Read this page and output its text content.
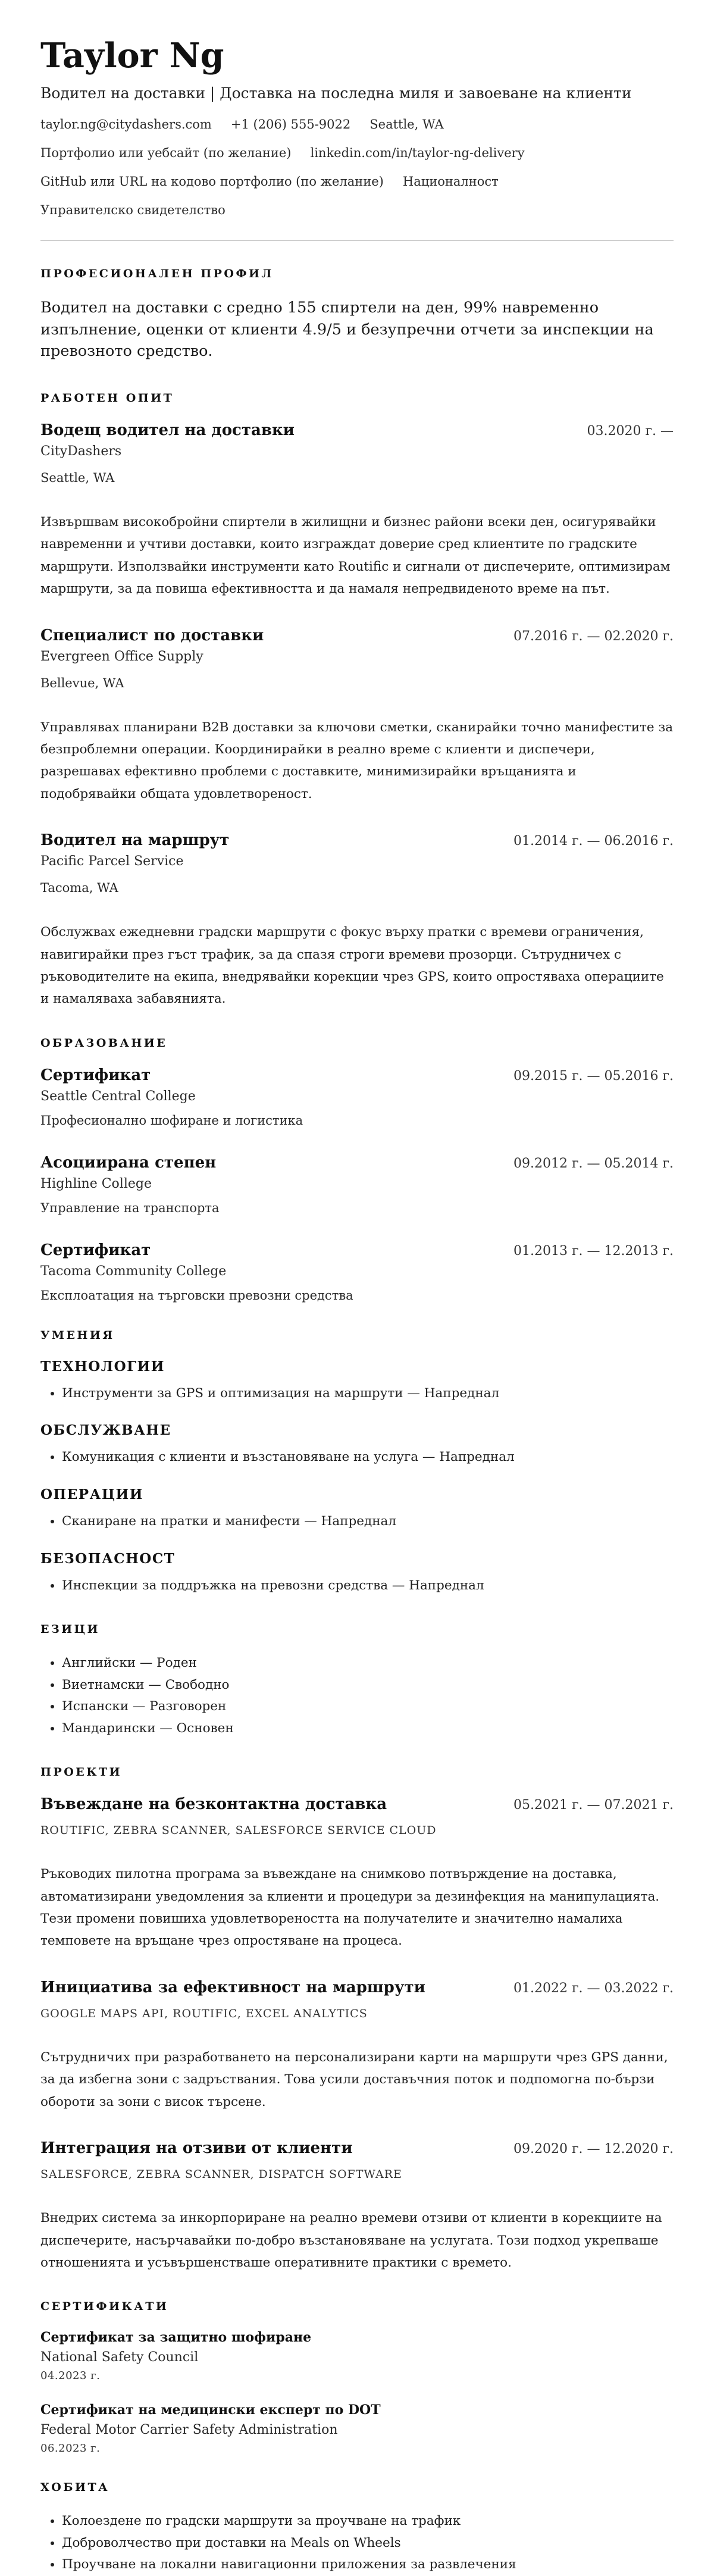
Taylor Ng
Водител на доставки | Доставка на последна миля и завоеване на клиенти
taylor.ng@citydashers.com +1 (206) 555-9022 Seattle, WA
Портфолио или уебсайт (по желание) linkedin.com/in/taylor-ng-delivery
GitHub или URL на кодово портфолио (по желание) Националност
Управителско свидетелство
ПРОФЕСИОНАЛЕН ПРОФИЛ
Водител на доставки с средно 155 спиртели на ден, 99% навременно изпълнение, оценки от клиенти 4.9/5 и безупречни отчети за инспекции на превозното средство.
РАБОТЕН ОПИТ
Водещ водител на доставки	03.2020 г. —
CityDashers
Seattle, WA
Извършвам високобройни спиртели в жилищни и бизнес райони всеки ден, осигурявайки навременни и учтиви доставки, които изграждат доверие сред клиентите по градските маршрути. Използвайки инструменти като Routific и сигнали от диспечерите, оптимизирам маршрути, за да повиша ефективността и да намаля непредвиденото време на път.
Специалист по доставки	07.2016 г. — 02.2020 г.
Evergreen Office Supply
Bellevue, WA
Управлявах планирани B2B доставки за ключови сметки, сканирайки точно манифестите за безпроблемни операции. Координирайки в реално време с клиенти и диспечери, разрешавах ефективно проблеми с доставките, минимизирайки връщанията и подобрявайки общата удовлетвореност.
Водител на маршрут	01.2014 г. — 06.2016 г.
Pacific Parcel Service
Tacoma, WA
Обслужвах ежедневни градски маршрути с фокус върху пратки с времеви ограничения, навигирайки през гъст трафик, за да спазя строги времеви прозорци. Сътрудничех с ръководителите на екипа, внедрявайки корекции чрез GPS, които опростяваха операциите и намаляваха забавянията.
ОБРАЗОВАНИЕ
Сертификат	09.2015 г. — 05.2016 г.
Seattle Central College
Професионално шофиране и логистика
Асоциирана степен	09.2012 г. — 05.2014 г.
Highline College
Управление на транспорта
Сертификат	01.2013 г. — 12.2013 г.
Tacoma Community College
Експлоатация на търговски превозни средства
УМЕНИЯ
ТЕХНОЛОГИИ
• Инструменти за GPS и оптимизация на маршрути — Напреднал
ОБСЛУЖВАНЕ
• Комуникация с клиенти и възстановяване на услуга — Напреднал
ОПЕРАЦИИ
• Сканиране на пратки и манифести — Напреднал
БЕЗОПАСНОСТ
• Инспекции за поддръжка на превозни средства — Напреднал
ЕЗИЦИ
• Английски — Роден
• Виетнамски — Свободно
• Испански — Разговорен
• Мандарински — Основен
ПРОЕКТИ
Въвеждане на безконтактна доставка	05.2021 г. — 07.2021 г.
ROUTIFIC, ZEBRA SCANNER, SALESFORCE SERVICE CLOUD
Ръководих пилотна програма за въвеждане на снимково потвърждение на доставка, автоматизирани уведомления за клиенти и процедури за дезинфекция на манипулацията. Тези промени повишиха удовлетвореността на получателите и значително намалиха темповете на връщане чрез опростяване на процеса.
Инициатива за ефективност на маршрути	01.2022 г. — 03.2022 г.
GOOGLE MAPS API, ROUTIFIC, EXCEL ANALYTICS
Сътрудничих при разработването на персонализирани карти на маршрути чрез GPS данни, за да избегна зони с задръствания. Това усили доставъчния поток и подпомогна по-бързи обороти за зони с висок търсене.
Интеграция на отзиви от клиенти	09.2020 г. — 12.2020 г.
SALESFORCE, ZEBRA SCANNER, DISPATCH SOFTWARE
Внедрих система за инкорпориране на реално времеви отзиви от клиенти в корекциите на диспечерите, насърчавайки по-добро възстановяване на услугата. Този подход укрепваше отношенията и усъвършенстваше оперативните практики с времето.
СЕРТИФИКАТИ
Сертификат за защитно шофиране
National Safety Council
04.2023 г.
Сертификат на медицински експерт по DOT
Federal Motor Carrier Safety Administration
06.2023 г.
ХОБИТА
• Колоездене по градски маршрути за проучване на трафик
• Доброволчество при доставки на Meals on Wheels
• Проучване на локални навигационни приложения за развлечения
